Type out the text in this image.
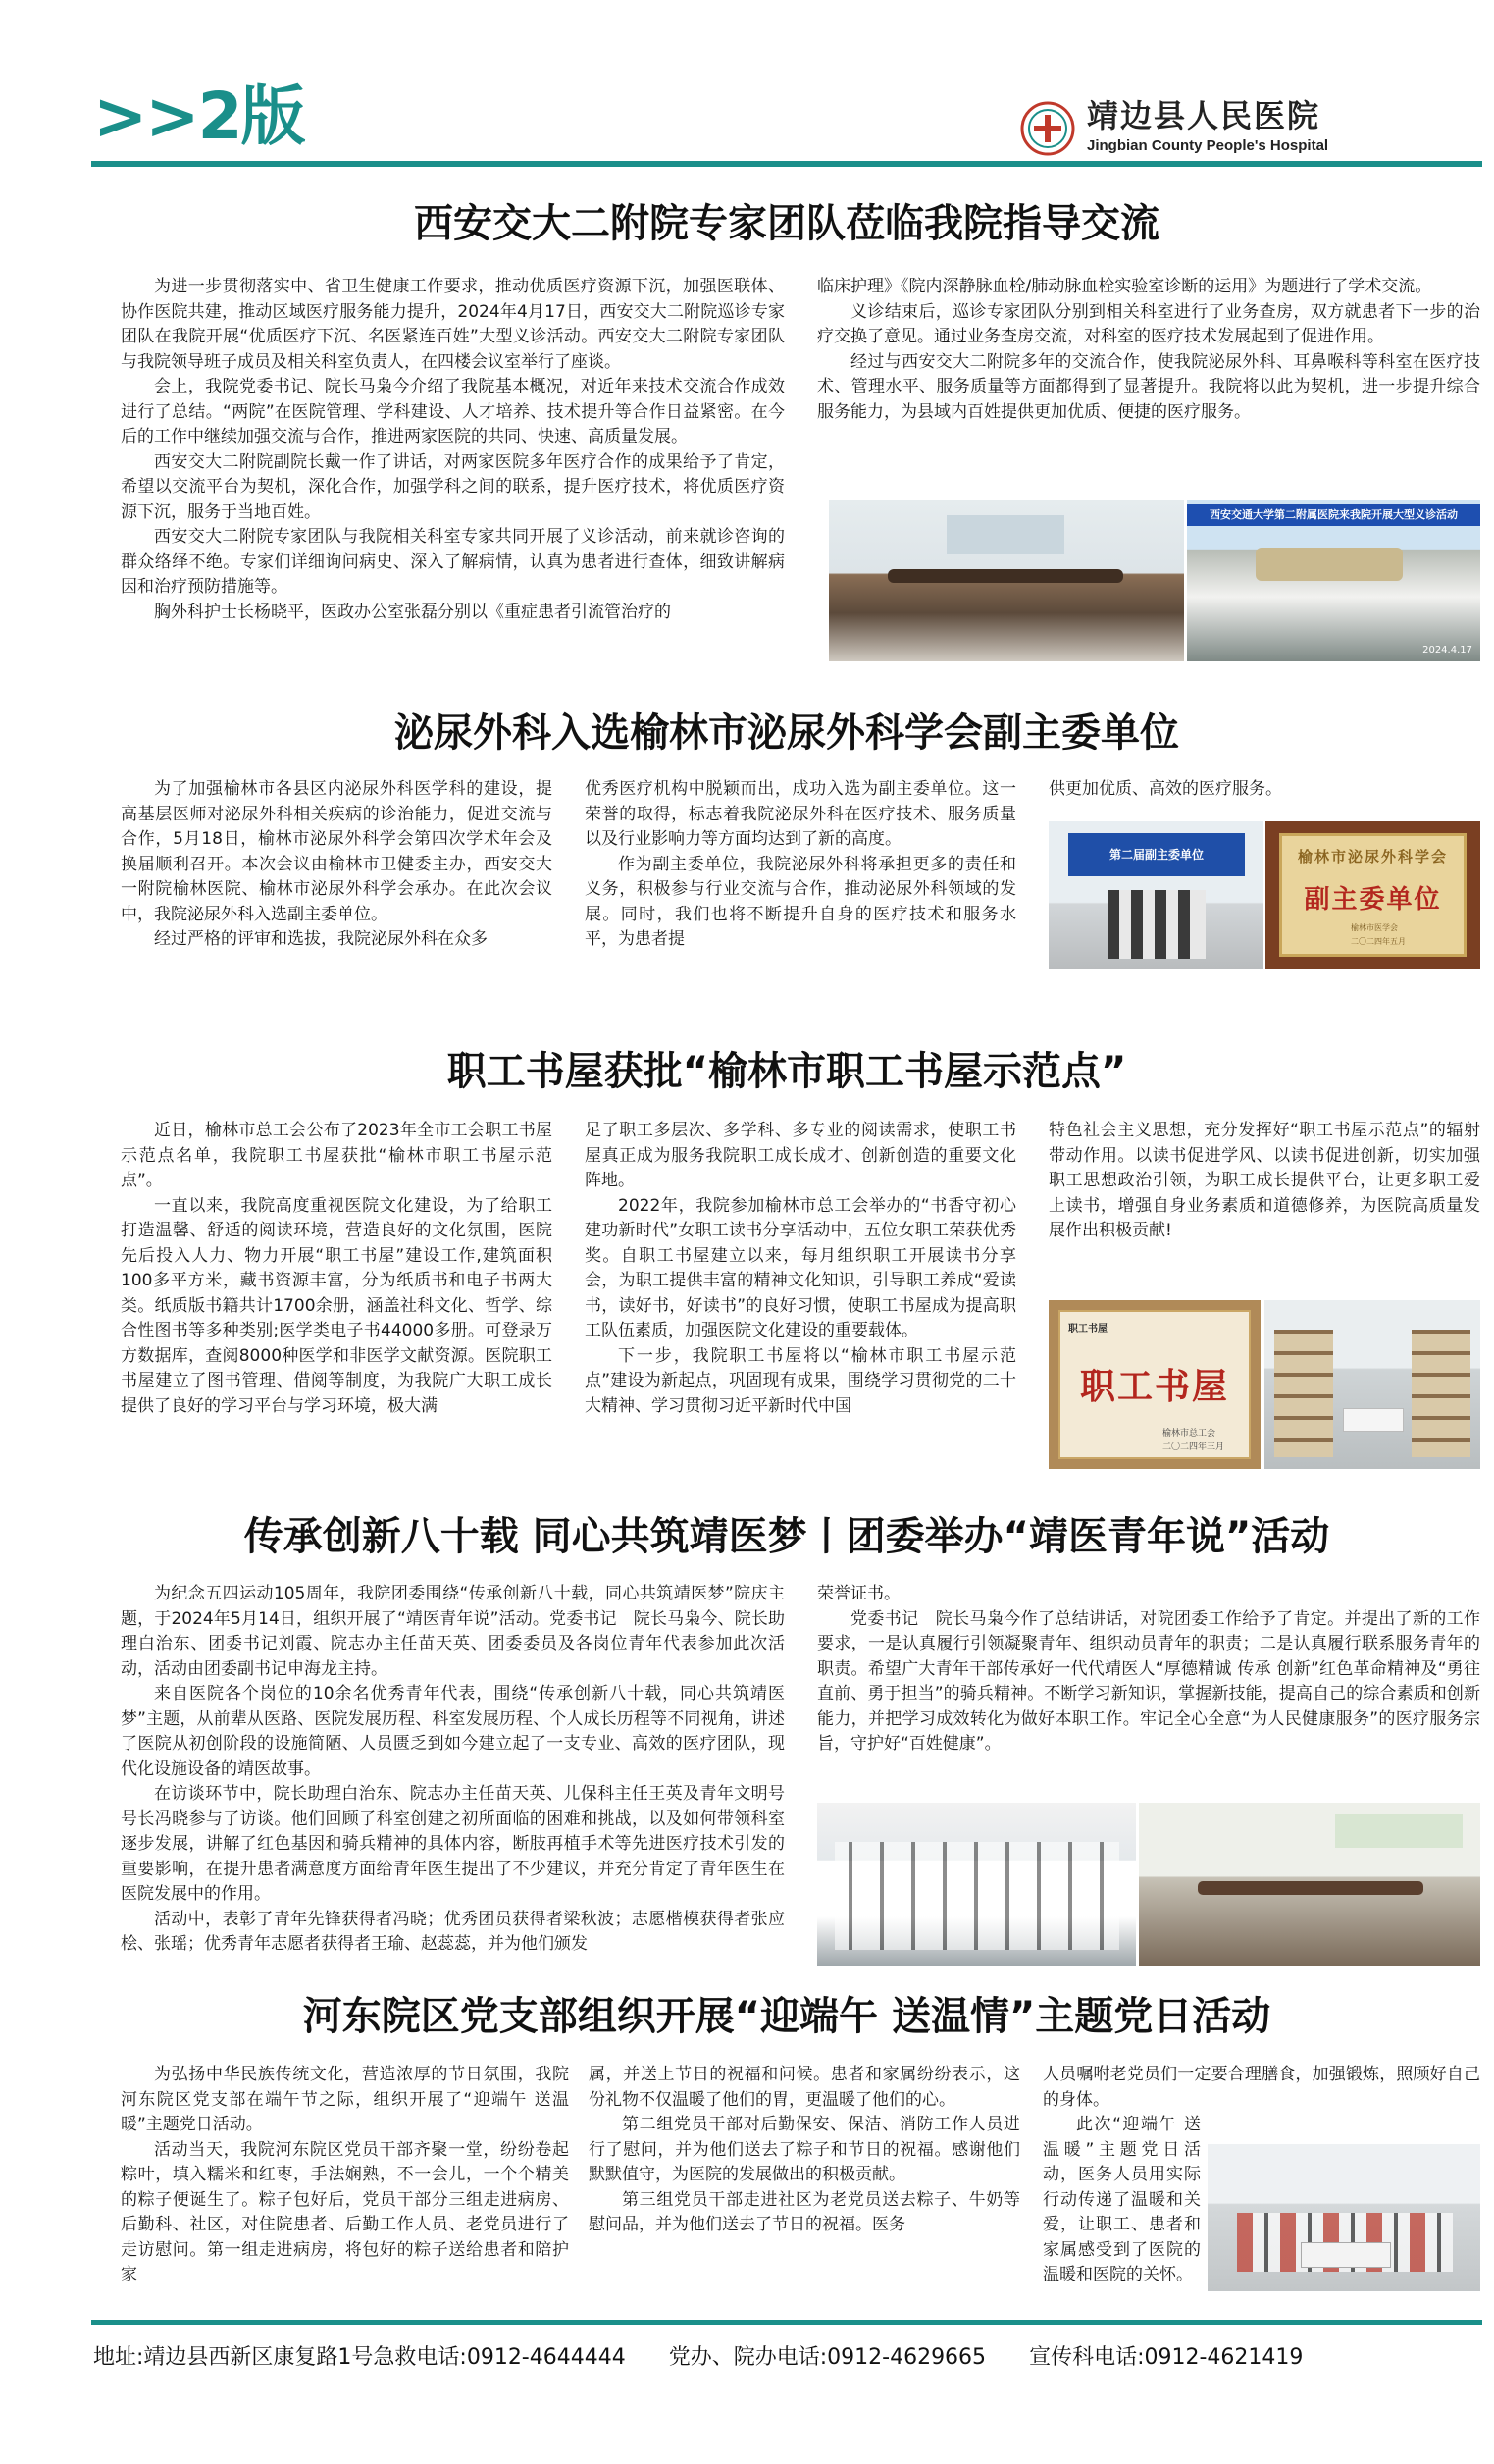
>>2版	靖边县人民医院
Jingbian County People's Hospital
西安交大二附院专家团队莅临我院指导交流

为进一步贯彻落实中、省卫生健康工作要求，推动优质医疗资源下沉，加强医联体、协作医院共建，推动区域医疗服务能力提升，2024年4月17日，西安交大二附院巡诊专家团队在我院开展“优质医疗下沉、名医紧连百姓”大型义诊活动。西安交大二附院专家团队与我院领导班子成员及相关科室负责人，在四楼会议室举行了座谈。

会上，我院党委书记、院长马枭今介绍了我院基本概况，对近年来技术交流合作成效进行了总结。“两院”在医院管理、学科建设、人才培养、技术提升等合作日益紧密。在今后的工作中继续加强交流与合作，推进两家医院的共同、快速、高质量发展。

西安交大二附院副院长戴一作了讲话，对两家医院多年医疗合作的成果给予了肯定，希望以交流平台为契机，深化合作，加强学科之间的联系，提升医疗技术，将优质医疗资源下沉，服务于当地百姓。

西安交大二附院专家团队与我院相关科室专家共同开展了义诊活动，前来就诊咨询的群众络绎不绝。专家们详细询问病史、深入了解病情，认真为患者进行查体，细致讲解病因和治疗预防措施等。

胸外科护士长杨晓平，医政办公室张磊分别以《重症患者引流管治疗的

临床护理》《院内深静脉血栓/肺动脉血栓实验室诊断的运用》为题进行了学术交流。

义诊结束后，巡诊专家团队分别到相关科室进行了业务查房，双方就患者下一步的治疗交换了意见。通过业务查房交流，对科室的医疗技术发展起到了促进作用。

经过与西安交大二附院多年的交流合作，使我院泌尿外科、耳鼻喉科等科室在医疗技术、管理水平、服务质量等方面都得到了显著提升。我院将以此为契机，进一步提升综合服务能力，为县域内百姓提供更加优质、便捷的医疗服务。

西安交通大学第二附属医院来我院开展大型义诊活动
2024.4.17
泌尿外科入选榆林市泌尿外科学会副主委单位

为了加强榆林市各县区内泌尿外科医学科的建设，提高基层医师对泌尿外科相关疾病的诊治能力，促进交流与合作，5月18日，榆林市泌尿外科学会第四次学术年会及换届顺利召开。本次会议由榆林市卫健委主办，西安交大一附院榆林医院、榆林市泌尿外科学会承办。在此次会议中，我院泌尿外科入选副主委单位。

经过严格的评审和选拔，我院泌尿外科在众多

优秀医疗机构中脱颖而出，成功入选为副主委单位。这一荣誉的取得，标志着我院泌尿外科在医疗技术、服务质量以及行业影响力等方面均达到了新的高度。

作为副主委单位，我院泌尿外科将承担更多的责任和义务，积极参与行业交流与合作，推动泌尿外科领域的发展。同时，我们也将不断提升自身的医疗技术和服务水平，为患者提

供更加优质、高效的医疗服务。

第二届副主委单位	榆林市泌尿外科学会
副主委单位
榆林市医学会
二〇二四年五月
职工书屋获批“榆林市职工书屋示范点”

近日，榆林市总工会公布了2023年全市工会职工书屋示范点名单，我院职工书屋获批“榆林市职工书屋示范点”。

一直以来，我院高度重视医院文化建设，为了给职工打造温馨、舒适的阅读环境，营造良好的文化氛围，医院先后投入人力、物力开展“职工书屋”建设工作,建筑面积100多平方米，藏书资源丰富，分为纸质书和电子书两大类。纸质版书籍共计1700余册，涵盖社科文化、哲学、综合性图书等多种类别;医学类电子书44000多册。可登录万方数据库，查阅8000种医学和非医学文献资源。医院职工书屋建立了图书管理、借阅等制度，为我院广大职工成长提供了良好的学习平台与学习环境，极大满

足了职工多层次、多学科、多专业的阅读需求，使职工书屋真正成为服务我院职工成长成才、创新创造的重要文化阵地。

2022年，我院参加榆林市总工会举办的“书香守初心 建功新时代”女职工读书分享活动中，五位女职工荣获优秀奖。自职工书屋建立以来，每月组织职工开展读书分享会，为职工提供丰富的精神文化知识，引导职工养成“爱读书，读好书，好读书”的良好习惯，使职工书屋成为提高职工队伍素质，加强医院文化建设的重要载体。

下一步，我院职工书屋将以“榆林市职工书屋示范点”建设为新起点，巩固现有成果，围绕学习贯彻党的二十大精神、学习贯彻习近平新时代中国

特色社会主义思想，充分发挥好“职工书屋示范点”的辐射带动作用。以读书促进学风、以读书促进创新，切实加强职工思想政治引领，为职工成长提供平台，让更多职工爱上读书，增强自身业务素质和道德修养，为医院高质量发展作出积极贡献!

职工书屋
职工书屋
榆林市总工会
二〇二四年三月
传承创新八十载 同心共筑靖医梦丨团委举办“靖医青年说”活动

为纪念五四运动105周年，我院团委围绕“传承创新八十载，同心共筑靖医梦”院庆主题，于2024年5月14日，组织开展了“靖医青年说”活动。党委书记　院长马枭今、院长助理白治东、团委书记刘霞、院志办主任苗天英、团委委员及各岗位青年代表参加此次活动，活动由团委副书记申海龙主持。

来自医院各个岗位的10余名优秀青年代表，围绕“传承创新八十载，同心共筑靖医梦”主题，从前辈从医路、医院发展历程、科室发展历程、个人成长历程等不同视角，讲述了医院从初创阶段的设施简陋、人员匮乏到如今建立起了一支专业、高效的医疗团队，现代化设施设备的靖医故事。

在访谈环节中，院长助理白治东、院志办主任苗天英、儿保科主任王英及青年文明号号长冯晓参与了访谈。他们回顾了科室创建之初所面临的困难和挑战，以及如何带领科室逐步发展，讲解了红色基因和骑兵精神的具体内容，断肢再植手术等先进医疗技术引发的重要影响，在提升患者满意度方面给青年医生提出了不少建议，并充分肯定了青年医生在医院发展中的作用。

活动中，表彰了青年先锋获得者冯晓；优秀团员获得者梁秋波；志愿楷模获得者张应桧、张瑶；优秀青年志愿者获得者王瑜、赵蕊蕊，并为他们颁发

荣誉证书。

党委书记　院长马枭今作了总结讲话，对院团委工作给予了肯定。并提出了新的工作要求，一是认真履行引领凝聚青年、组织动员青年的职责；二是认真履行联系服务青年的职责。希望广大青年干部传承好一代代靖医人“厚德精诚 传承 创新”红色革命精神及“勇往直前、勇于担当”的骑兵精神。不断学习新知识，掌握新技能，提高自己的综合素质和创新能力，并把学习成效转化为做好本职工作。牢记全心全意“为人民健康服务”的医疗服务宗旨，守护好“百姓健康”。

河东院区党支部组织开展“迎端午 送温情”主题党日活动

为弘扬中华民族传统文化，营造浓厚的节日氛围，我院河东院区党支部在端午节之际，组织开展了“迎端午 送温暖”主题党日活动。

活动当天，我院河东院区党员干部齐聚一堂，纷纷卷起粽叶，填入糯米和红枣，手法娴熟，不一会儿，一个个精美的粽子便诞生了。粽子包好后，党员干部分三组走进病房、后勤科、社区，对住院患者、后勤工作人员、老党员进行了走访慰问。第一组走进病房，将包好的粽子送给患者和陪护家

属，并送上节日的祝福和问候。患者和家属纷纷表示，这份礼物不仅温暖了他们的胃，更温暖了他们的心。

第二组党员干部对后勤保安、保洁、消防工作人员进行了慰问，并为他们送去了粽子和节日的祝福。感谢他们默默值守，为医院的发展做出的积极贡献。

第三组党员干部走进社区为老党员送去粽子、牛奶等慰问品，并为他们送去了节日的祝福。医务

人员嘱咐老党员们一定要合理膳食，加强锻炼，照顾好自己的身体。

此次“迎端午 送温暖”主题党日活动，医务人员用实际行动传递了温暖和关爱，让职工、患者和家属感受到了医院的温暖和医院的关怀。

地址:靖边县西新区康复路1号急救电话:0912-4644444 党办、院办电话:0912-4629665 宣传科电话:0912-4621419
